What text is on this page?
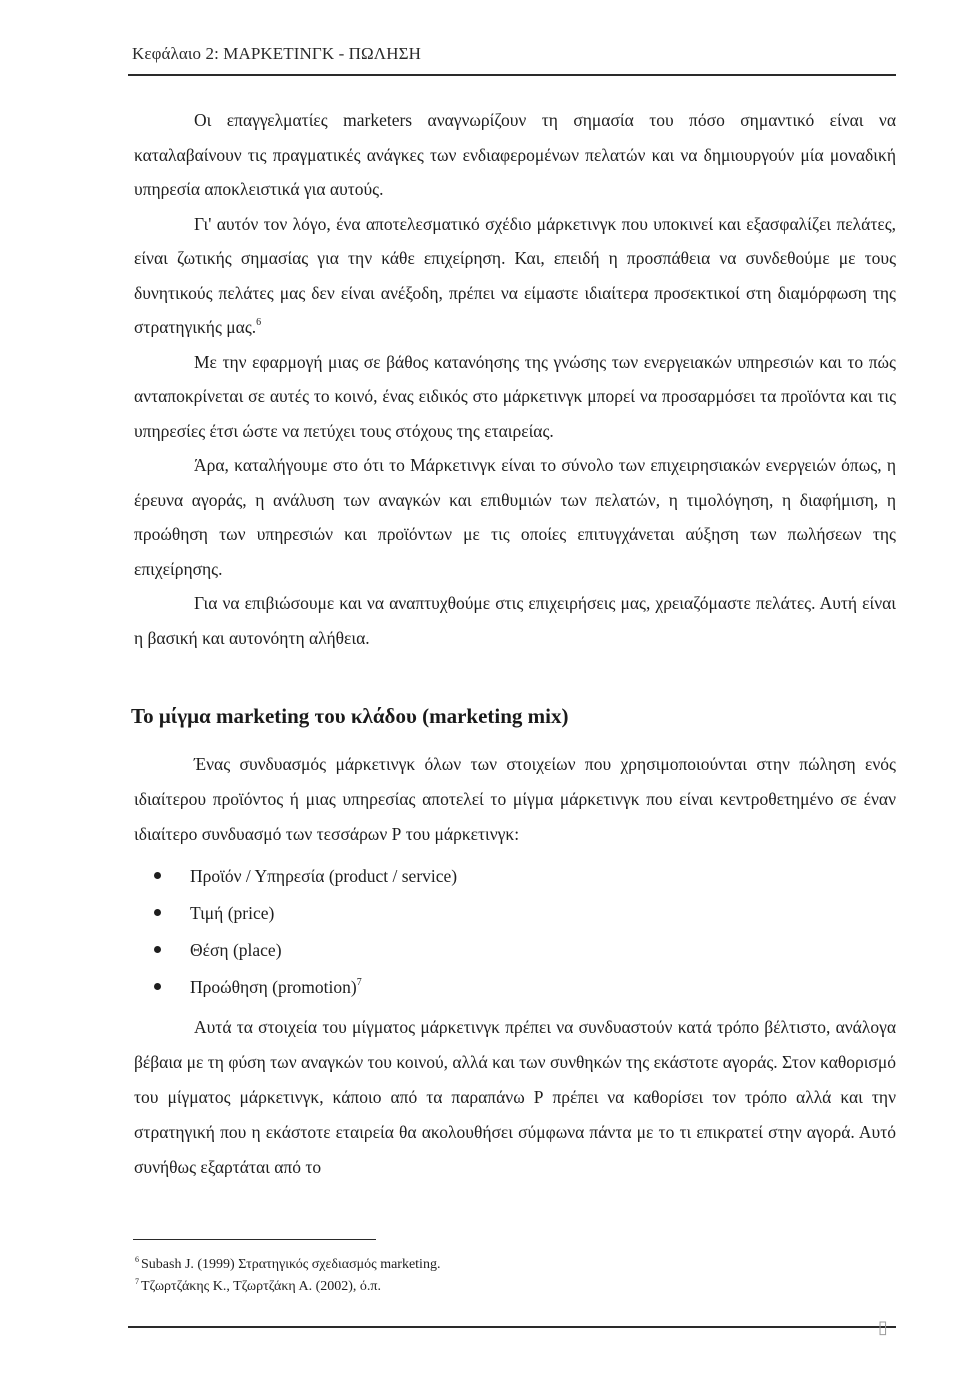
Κεφάλαιο 2: ΜΑΡΚΕΤΙΝΓΚ - ΠΩΛΗΣΗ

Οι επαγγελματίες marketers αναγνωρίζουν τη σημασία του πόσο σημαντικό είναι να καταλαβαίνουν τις πραγματικές ανάγκες των ενδιαφερομένων πελατών και να δημιουργούν μία μοναδική υπηρεσία αποκλειστικά για αυτούς.

Γι' αυτόν τον λόγο, ένα αποτελεσματικό σχέδιο μάρκετινγκ που υποκινεί και εξασφαλίζει πελάτες, είναι ζωτικής σημασίας για την κάθε επιχείρηση. Και, επειδή η προσπάθεια να συνδεθούμε με τους δυνητικούς πελάτες μας δεν είναι ανέξοδη, πρέπει να είμαστε ιδιαίτερα προσεκτικοί στη διαμόρφωση της στρατηγικής μας.$^6$

Με την εφαρμογή μιας σε βάθος κατανόησης της γνώσης των ενεργειακών υπηρεσιών και το πώς ανταποκρίνεται σε αυτές το κοινό, ένας ειδικός στο μάρκετινγκ μπορεί να προσαρμόσει τα προϊόντα και τις υπηρεσίες έτσι ώστε να πετύχει τους στόχους της εταιρείας.

Άρα, καταλήγουμε στο ότι το Μάρκετινγκ είναι το σύνολο των επιχειρησιακών ενεργειών όπως, η έρευνα αγοράς, η ανάλυση των αναγκών και επιθυμιών των πελατών, η τιμολόγηση, η διαφήμιση, η προώθηση των υπηρεσιών και προϊόντων με τις οποίες επιτυγχάνεται αύξηση των πωλήσεων της επιχείρησης.

Για να επιβιώσουμε και να αναπτυχθούμε στις επιχειρήσεις μας, χρειαζόμαστε πελάτες. Αυτή είναι η βασική και αυτονόητη αλήθεια.

Το μίγμα marketing του κλάδου (marketing mix)

Ένας συνδυασμός μάρκετινγκ όλων των στοιχείων που χρησιμοποιούνται στην πώληση ενός ιδιαίτερου προϊόντος ή μιας υπηρεσίας αποτελεί το μίγμα μάρκετινγκ που είναι κεντροθετημένο σε έναν ιδιαίτερο συνδυασμό των τεσσάρων Ρ του μάρκετινγκ:

Προϊόν / Υπηρεσία (product / service)
Τιμή (price)
Θέση (place)
Προώθηση (promotion)$^7$

Αυτά τα στοιχεία του μίγματος μάρκετινγκ πρέπει να συνδυαστούν κατά τρόπο βέλτιστο, ανάλογα βέβαια με τη φύση των αναγκών του κοινού, αλλά και των συνθηκών της εκάστοτε αγοράς. Στον καθορισμό του μίγματος μάρκετινγκ, κάποιο από τα παραπάνω Ρ πρέπει να καθορίσει τον τρόπο αλλά και την στρατηγική που η εκάστοτε εταιρεία θα ακολουθήσει σύμφωνα πάντα με το τι επικρατεί στην αγορά. Αυτό συνήθως εξαρτάται από το

$^6$ Subash J. (1999) Στρατηγικός σχεδιασμός marketing.
$^7$ Τζωρτζάκης Κ., Τζωρτζάκη Α. (2002), ό.π.
▯
